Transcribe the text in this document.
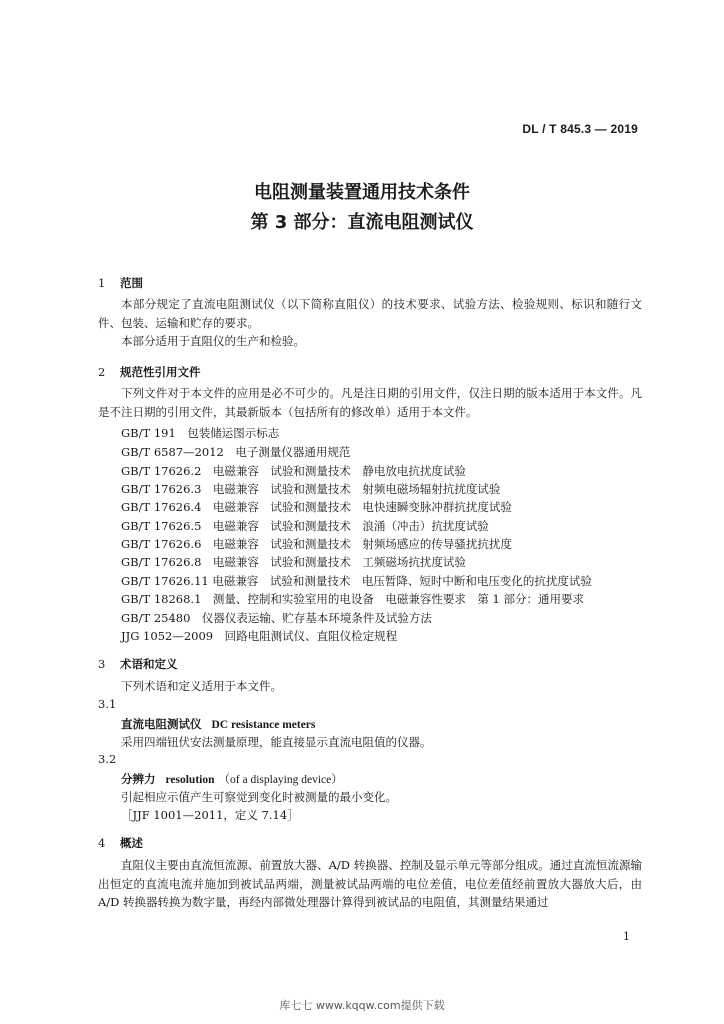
DL / T 845.3 — 2019
电阻测量装置通用技术条件
第 3 部分：直流电阻测试仪
1 范围
本部分规定了直流电阻测试仪（以下简称直阻仪）的技术要求、试验方法、检验规则、标识和随行文件、包装、运输和贮存的要求。
本部分适用于直阻仪的生产和检验。
2 规范性引用文件
下列文件对于本文件的应用是必不可少的。凡是注日期的引用文件，仅注日期的版本适用于本文件。凡是不注日期的引用文件，其最新版本（包括所有的修改单）适用于本文件。
GB/T 191　包装储运图示标志
GB/T 6587—2012　电子测量仪器通用规范
GB/T 17626.2　电磁兼容　试验和测量技术　静电放电抗扰度试验
GB/T 17626.3　电磁兼容　试验和测量技术　射频电磁场辐射抗扰度试验
GB/T 17626.4　电磁兼容　试验和测量技术　电快速瞬变脉冲群抗扰度试验
GB/T 17626.5　电磁兼容　试验和测量技术　浪涌（冲击）抗扰度试验
GB/T 17626.6　电磁兼容　试验和测量技术　射频场感应的传导骚扰抗扰度
GB/T 17626.8　电磁兼容　试验和测量技术　工频磁场抗扰度试验
GB/T 17626.11 电磁兼容　试验和测量技术　电压暂降、短时中断和电压变化的抗扰度试验
GB/T 18268.1　测量、控制和实验室用的电设备　电磁兼容性要求　第 1 部分：通用要求
GB/T 25480　仪器仪表运输、贮存基本环境条件及试验方法
JJG 1052—2009　回路电阻测试仪、直阻仪检定规程
3 术语和定义
下列术语和定义适用于本文件。
3.1
直流电阻测试仪 DC resistance meters
采用四端钮伏安法测量原理，能直接显示直流电阻值的仪器。
3.2
分辨力 resolution （of a displaying device）
引起相应示值产生可察觉到变化时被测量的最小变化。
［JJF 1001—2011，定义 7.14］
4 概述
直阻仪主要由直流恒流源、前置放大器、A/D 转换器、控制及显示单元等部分组成。通过直流恒流源输出恒定的直流电流并施加到被试品两端，测量被试品两端的电位差值，电位差值经前置放大器放大后，由 A/D 转换器转换为数字量，再经内部微处理器计算得到被试品的电阻值，其测量结果通过
1
库七七 www.kqqw.com提供下载
